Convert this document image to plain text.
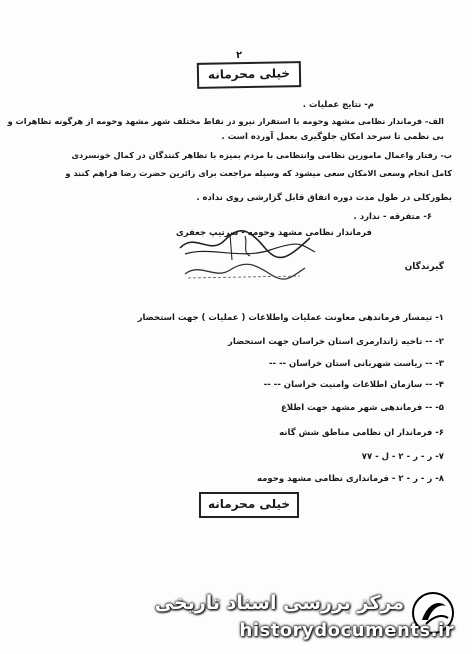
۲
خیلی محرمانه
م- نتایج عملیات .
الف- فرماندار نظامی مشهد وحومه با استقرار نیرو در نقاط مختلف شهر مشهد وحومه از هرگونه تظاهرات و
بی نظمی تا سرحد امکان جلوگیری بعمل آورده است .
ب- رفتار واعمال مامورین نظامی وانتظامی با مردم بمیزه با تظاهر کنندگان در کمال خونسردی
کامل انجام وسعی الامکان سعی میشود که وسیله مراجعت برای زائرین حضرت رضا فراهم کنند و
بطورکلی در طول مدت دوره اتفاق قابل گزارشی روی نداده .
۶- متفرقه - ندارد .
فرماندار نظامی مشهد وحومه - سرتیپ جعفری
گیرندگان
۱- تیمسار فرماندهی معاونت عملیات واطلاعات ( عملیات ) جهت استحضار
۲- -- تاحیه ژاندارمری استان خراسان جهت استحضار
۳- -- ریاست شهربانی استان خراسان -- --
۴- -- سازمان اطلاعات وامنیت خراسان -- --
۵- -- فرماندهی شهر مشهد جهت اطلاع
۶- فرماندار ان نظامی مناطق شش گانه
۷- ر - ر - ۲ - ل - ۷۷
۸- ر - ر - ۲ - فرمانداری نظامی مشهد وحومه
خیلی محرمانه
مرکز بررسی اسناد تاریخی
historydocuments.ir
